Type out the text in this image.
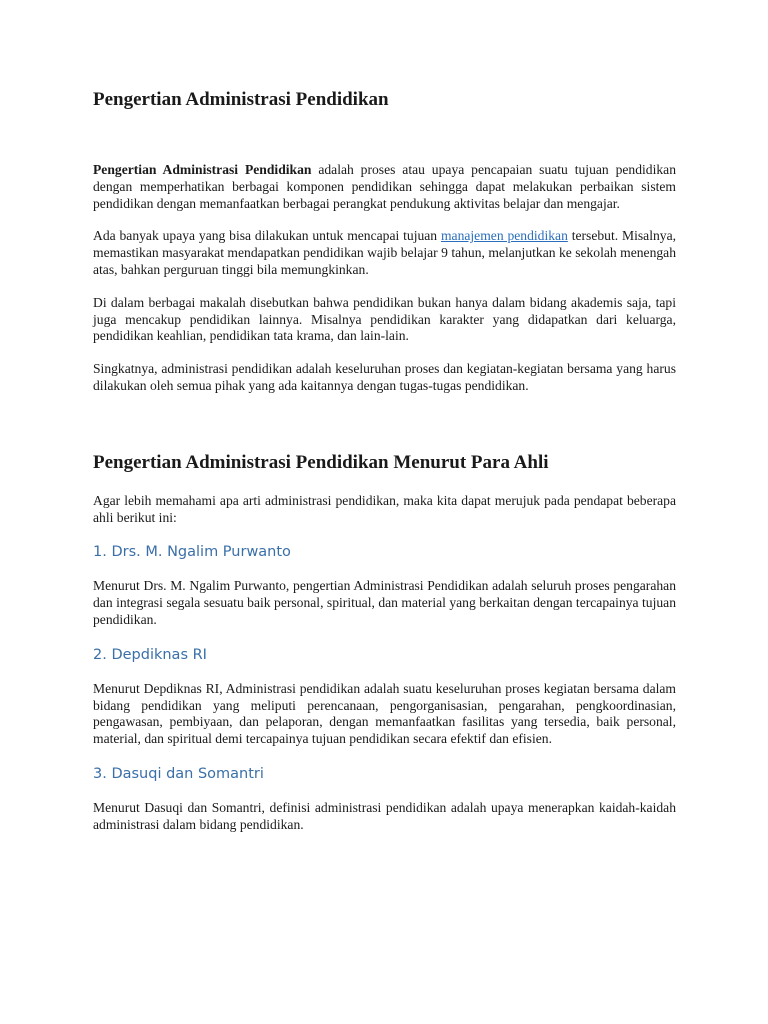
Pengertian Administrasi Pendidikan

Pengertian Administrasi Pendidikan adalah proses atau upaya pencapaian suatu tujuan pendidikan dengan memperhatikan berbagai komponen pendidikan sehingga dapat melakukan perbaikan sistem pendidikan dengan memanfaatkan berbagai perangkat pendukung aktivitas belajar dan mengajar.

Ada banyak upaya yang bisa dilakukan untuk mencapai tujuan manajemen pendidikan tersebut. Misalnya, memastikan masyarakat mendapatkan pendidikan wajib belajar 9 tahun, melanjutkan ke sekolah menengah atas, bahkan perguruan tinggi bila memungkinkan.

Di dalam berbagai makalah disebutkan bahwa pendidikan bukan hanya dalam bidang akademis saja, tapi juga mencakup pendidikan lainnya. Misalnya pendidikan karakter yang didapatkan dari keluarga, pendidikan keahlian, pendidikan tata krama, dan lain-lain.

Singkatnya, administrasi pendidikan adalah keseluruhan proses dan kegiatan-kegiatan bersama yang harus dilakukan oleh semua pihak yang ada kaitannya dengan tugas-tugas pendidikan.

Pengertian Administrasi Pendidikan Menurut Para Ahli

Agar lebih memahami apa arti administrasi pendidikan, maka kita dapat merujuk pada pendapat beberapa ahli berikut ini:

1. Drs. M. Ngalim Purwanto

Menurut Drs. M. Ngalim Purwanto, pengertian Administrasi Pendidikan adalah seluruh proses pengarahan dan integrasi segala sesuatu baik personal, spiritual, dan material yang berkaitan dengan tercapainya tujuan pendidikan.

2. Depdiknas RI

Menurut Depdiknas RI, Administrasi pendidikan adalah suatu keseluruhan proses kegiatan bersama dalam bidang pendidikan yang meliputi perencanaan, pengorganisasian, pengarahan, pengkoordinasian, pengawasan, pembiyaan, dan pelaporan, dengan memanfaatkan fasilitas yang tersedia, baik personal, material, dan spiritual demi tercapainya tujuan pendidikan secara efektif dan efisien.

3. Dasuqi dan Somantri

Menurut Dasuqi dan Somantri, definisi administrasi pendidikan adalah upaya menerapkan kaidah-kaidah administrasi dalam bidang pendidikan.
